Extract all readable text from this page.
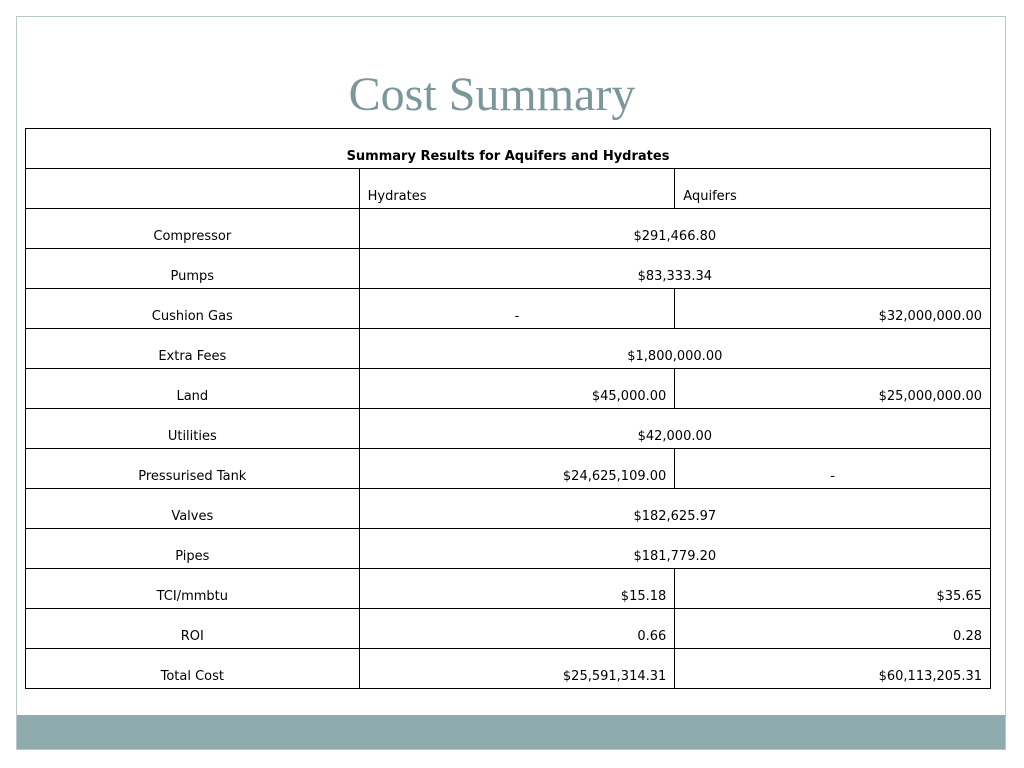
Cost Summary
Summary Results for Aquifers and Hydrates		
	Hydrates	Aquifers
Compressor	$291,466.80	
Pumps	$83,333.34	
Cushion Gas	-	$32,000,000.00
Extra Fees	$1,800,000.00	
Land	$45,000.00	$25,000,000.00
Utilities	$42,000.00	
Pressurised Tank	$24,625,109.00	-
Valves	$182,625.97	
Pipes	$181,779.20	
TCI/mmbtu	$15.18	$35.65
ROI	0.66	0.28
Total Cost	$25,591,314.31	$60,113,205.31
